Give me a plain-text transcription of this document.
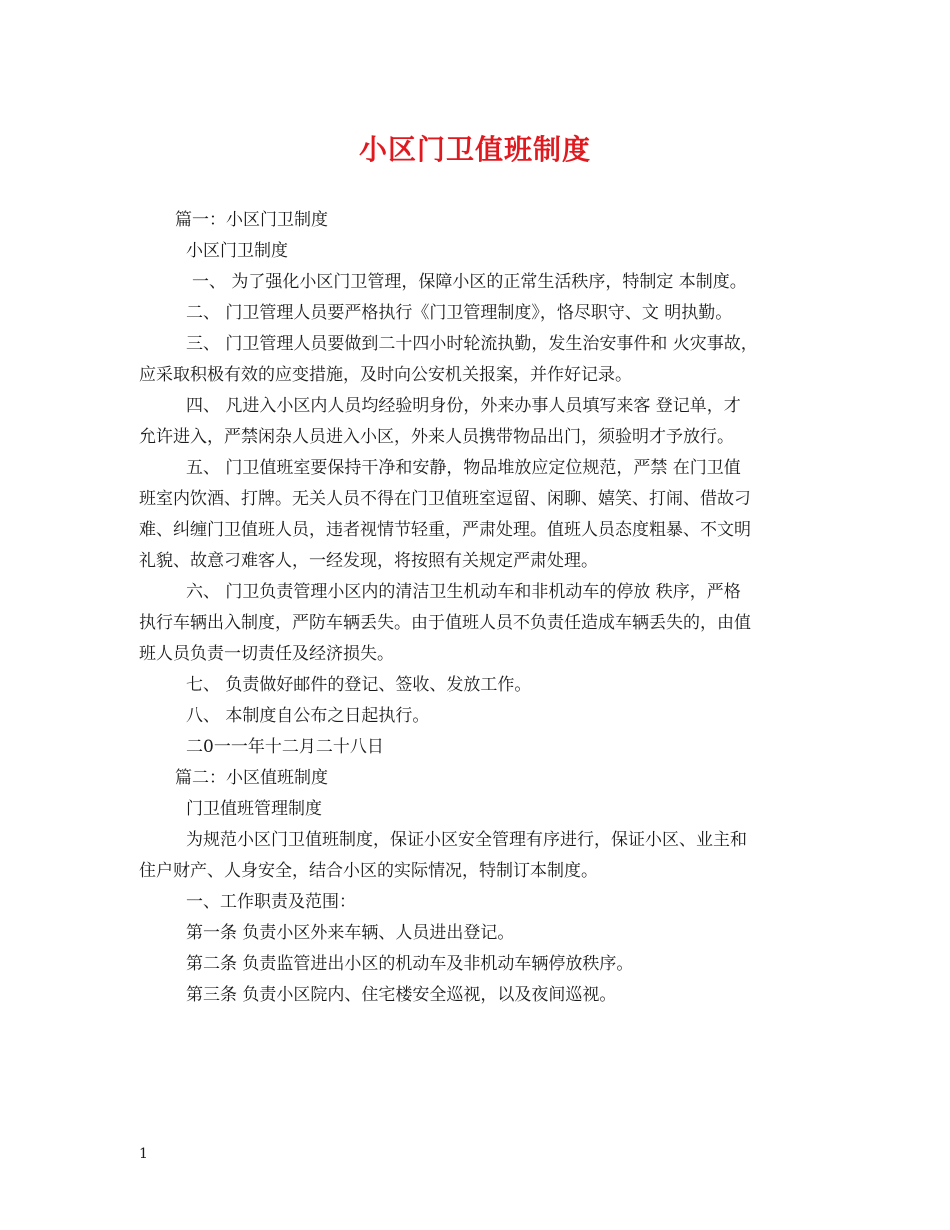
小区门卫值班制度
篇一：小区门卫制度
小区门卫制度
一、 为了强化小区门卫管理，保障小区的正常生活秩序，特制定 本制度。
二、 门卫管理人员要严格执行《门卫管理制度》，恪尽职守、文 明执勤。
三、 门卫管理人员要做到二十四小时轮流执勤，发生治安事件和 火灾事故，
应采取积极有效的应变措施，及时向公安机关报案，并作好记录。
四、 凡进入小区内人员均经验明身份，外来办事人员填写来客 登记单，才
允许进入，严禁闲杂人员进入小区，外来人员携带物品出门，须验明才予放行。
五、 门卫值班室要保持干净和安静，物品堆放应定位规范，严禁 在门卫值
班室内饮酒、打牌。无关人员不得在门卫值班室逗留、闲聊、嬉笑、打闹、借故刁
难、纠缠门卫值班人员，违者视情节轻重，严肃处理。值班人员态度粗暴、不文明
礼貌、故意刁难客人，一经发现，将按照有关规定严肃处理。
六、 门卫负责管理小区内的清洁卫生机动车和非机动车的停放 秩序，严格
执行车辆出入制度，严防车辆丢失。由于值班人员不负责任造成车辆丢失的，由值
班人员负责一切责任及经济损失。
七、 负责做好邮件的登记、签收、发放工作。
八、 本制度自公布之日起执行。
二0一一年十二月二十八日
篇二：小区值班制度
门卫值班管理制度
为规范小区门卫值班制度，保证小区安全管理有序进行，保证小区、业主和
住户财产、人身安全，结合小区的实际情况，特制订本制度。
一、工作职责及范围：
第一条 负责小区外来车辆、人员进出登记。
第二条 负责监管进出小区的机动车及非机动车辆停放秩序。
第三条 负责小区院内、住宅楼安全巡视，以及夜间巡视。
1
